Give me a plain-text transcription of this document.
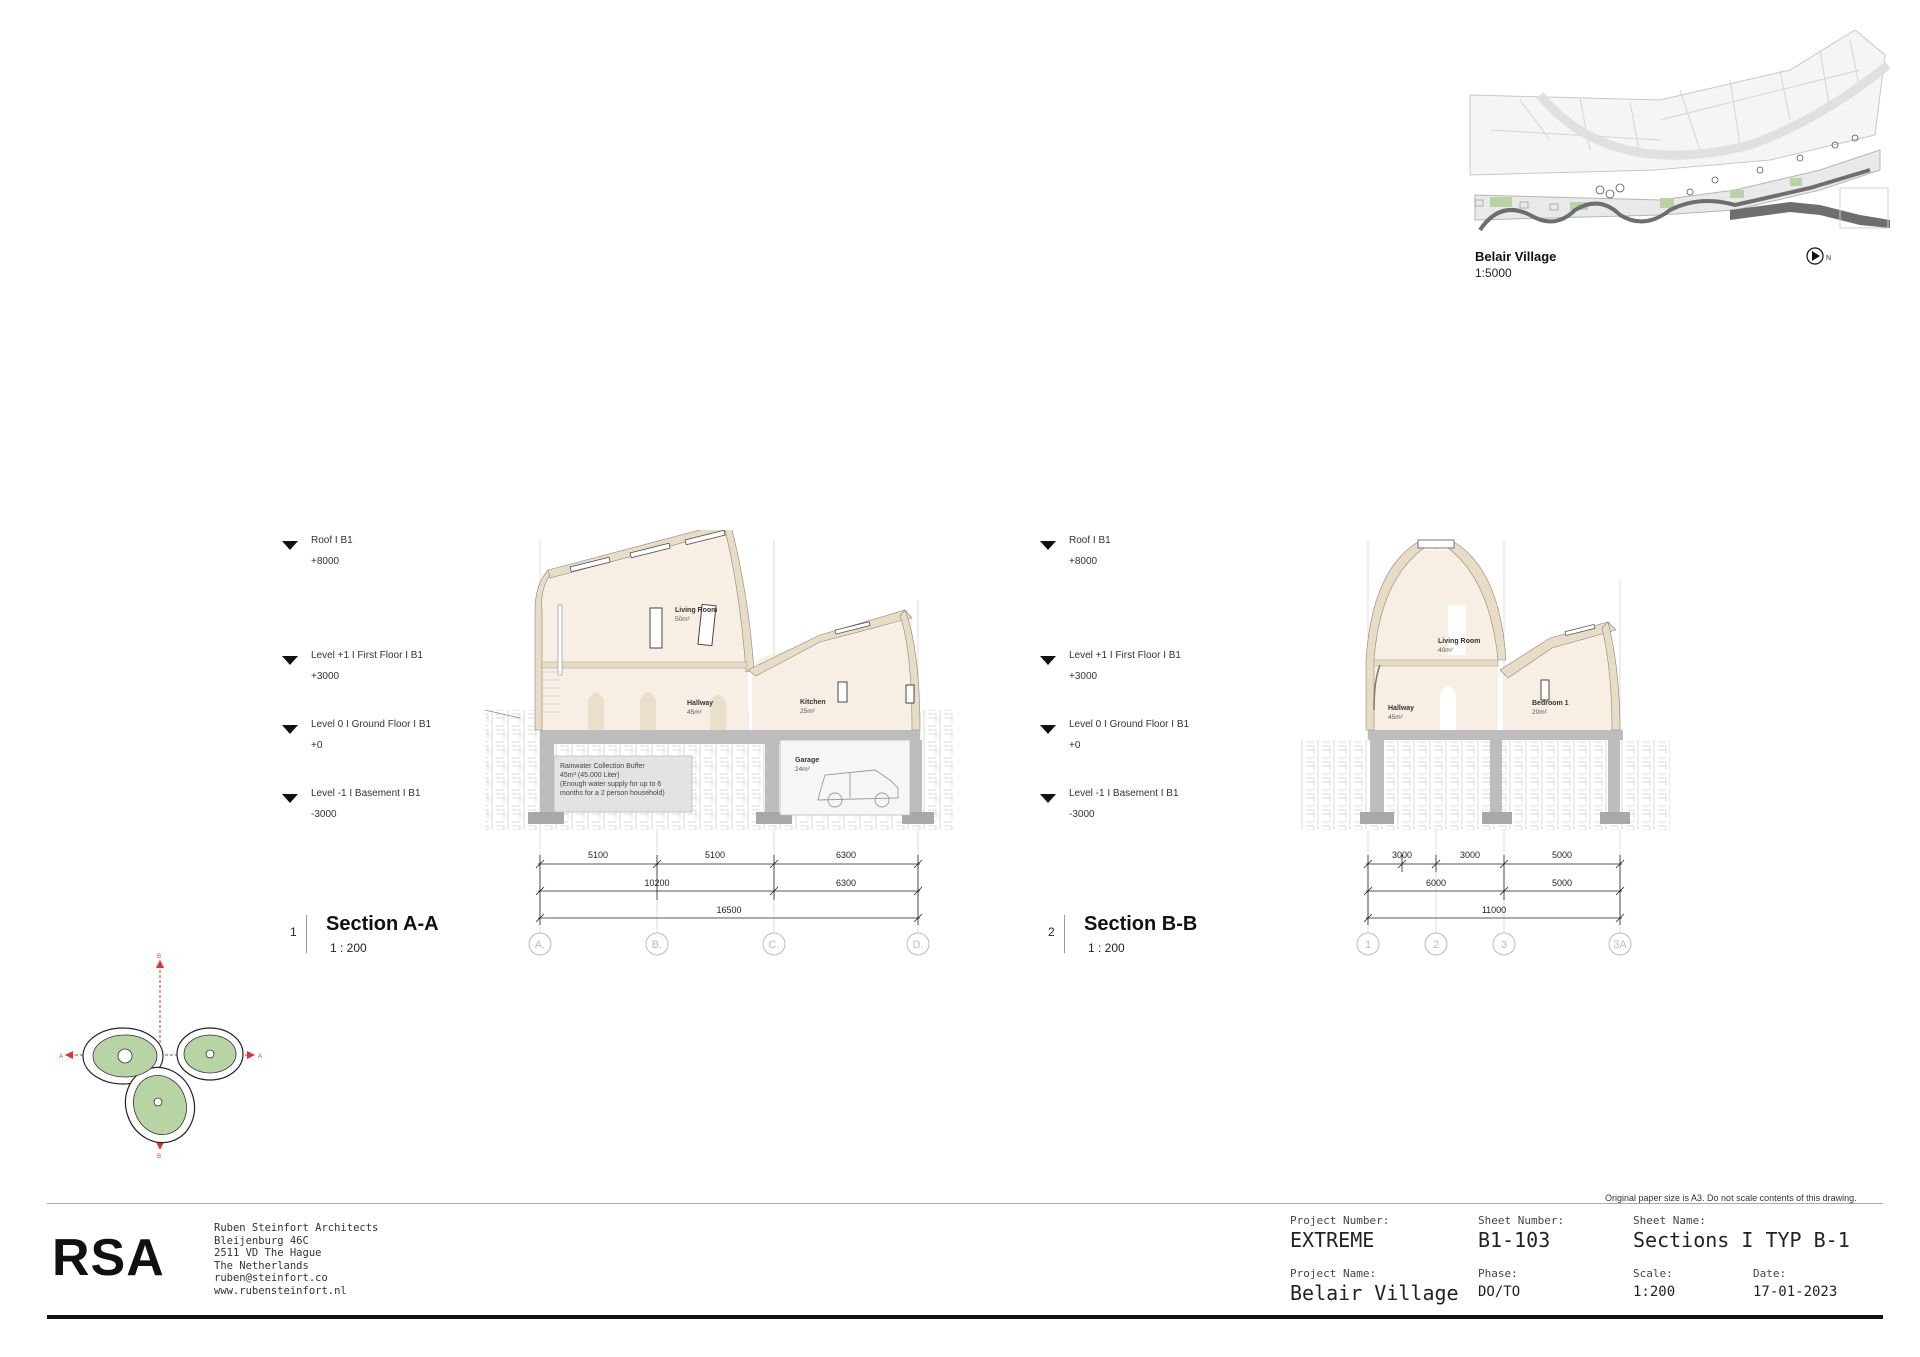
N
Belair Village
1:5000
Roof I B1
+8000
Level +1 I First Floor I B1
+3000
Level 0 I Ground Floor I B1
+0
Level -1 I Basement I B1
-3000
Roof I B1
+8000
Level +1 I First Floor I B1
+3000
Level 0 I Ground Floor I B1
+0
Level -1 I Basement I B1
-3000
Living Room
50m²
Hallway
45m²
Kitchen
25m²
Garage
24m²
Rainwater Collection Buffer
45m³ (45.000 Liter)
(Enough water supply for up to 6
months for a 2 person household)
5100	5100	6300
10200	6300
16500
A.	B.	C.	D.
1 Section A-A
1 : 200
Living Room
40m²
Hallway
45m²
Bedroom 1
20m²
3000	3000	5000
6000	5000
11000
1	2	3	3A
2 Section B-B
1 : 200
A	A
B
B
Original paper size is A3. Do not scale contents of this drawing.
RSA
Ruben Steinfort Architects
Bleijenburg 46C
2511 VD The Hague
The Netherlands
ruben@steinfort.co
www.rubensteinfort.nl
Project Number:
EXTREME
Project Name:
Belair Village
Sheet Number:
B1-103
Phase:
DO/TO
Sheet Name:
Sections I TYP B-1
Scale:
1:200
Date:
17-01-2023
